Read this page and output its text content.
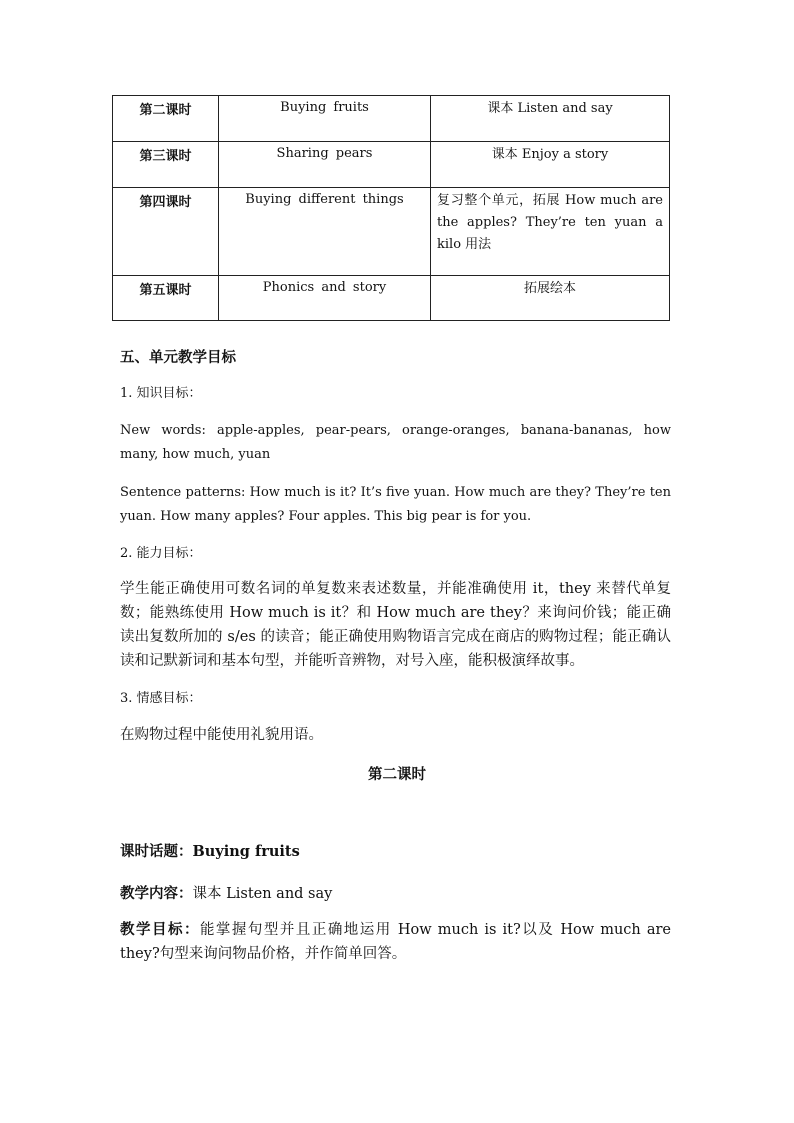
第二课时	Buying fruits	课本 Listen and say
第三课时	Sharing pears	课本 Enjoy a story
第四课时	Buying different things	复习整个单元，拓展 How much are the apples? They’re ten yuan a kilo 用法
第五课时	Phonics and story	拓展绘本
五、单元教学目标
1. 知识目标：
New words: apple-apples, pear-pears, orange-oranges, banana-bananas, how many, how much, yuan
Sentence patterns: How much is it? It’s five yuan. How much are they? They’re ten yuan. How many apples? Four apples. This big pear is for you.
2. 能力目标：
学生能正确使用可数名词的单复数来表述数量，并能准确使用 it，they 来替代单复数；能熟练使用 How much is it？和 How much are they？来询问价钱；能正确读出复数所加的 s/es 的读音；能正确使用购物语言完成在商店的购物过程；能正确认读和记默新词和基本句型，并能听音辨物，对号入座，能积极演绎故事。
3. 情感目标：
在购物过程中能使用礼貌用语。
第二课时
课时话题：Buying fruits
教学内容：课本 Listen and say
教学目标：能掌握句型并且正确地运用 How much is it?以及 How much are they?句型来询问物品价格，并作简单回答。
